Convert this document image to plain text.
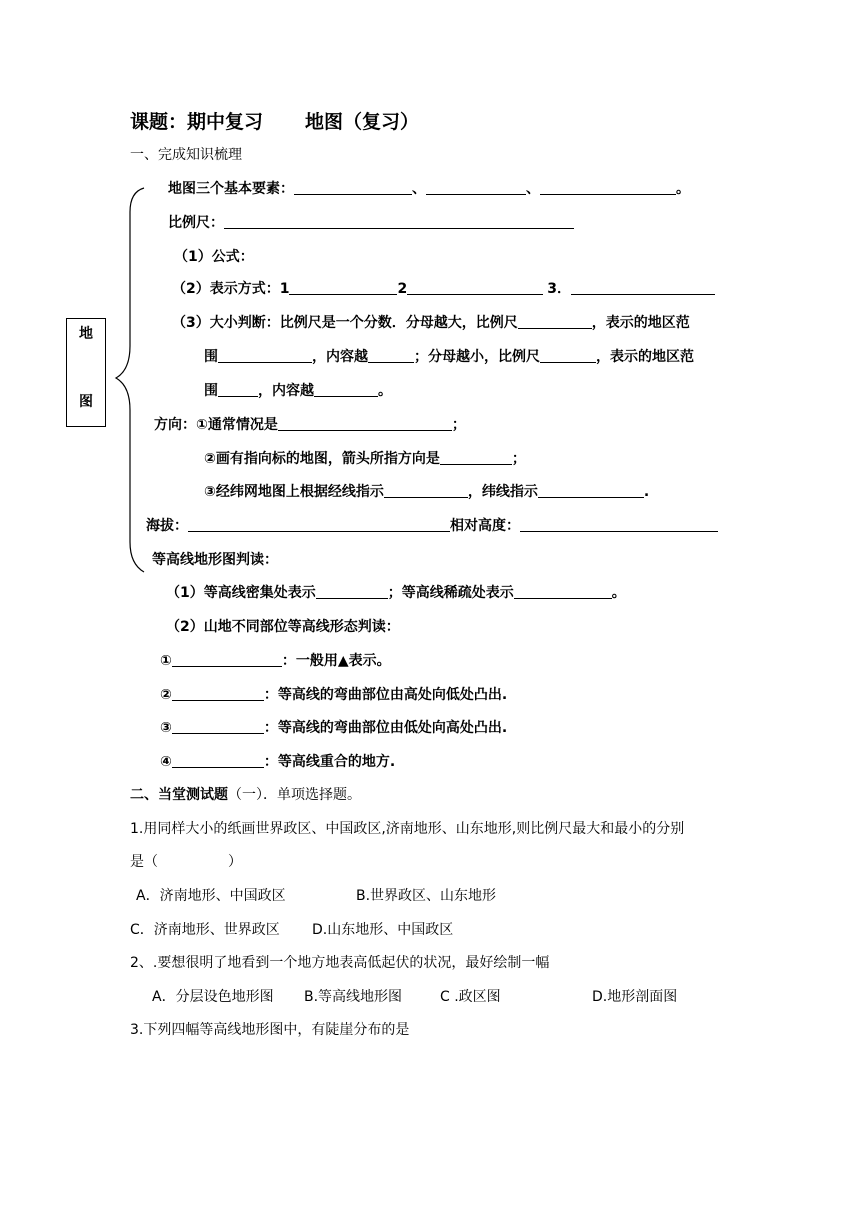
课题：期中复习 地图（复习）
一、完成知识梳理
地
图
地图三个基本要素：	、	、	。
比例尺：
（1）公式：
（2）表示方式：1	2	3．
（3）大小判断：比例尺是一个分数．分母越大，比例尺	，表示的地区范
围	，内容越	；分母越小，比例尺	，表示的地区范
围	，内容越	。
方向：①通常情况是	；
②画有指向标的地图，箭头所指方向是	；
③经纬网地图上根据经线指示	，纬线指示	.
海拔：	相对高度：
等高线地形图判读：
（1）等高线密集处表示	；等高线稀疏处表示	。
（2）山地不同部位等高线形态判读：
①	：一般用▲表示。
②	：等高线的弯曲部位由高处向低处凸出.
③	：等高线的弯曲部位由低处向高处凸出.
④	：等高线重合的地方.
二、当堂测试题（一）．单项选择题。
1.用同样大小的纸画世界政区、中国政区,济南地形、山东地形,则比例尺最大和最小的分别
是（　　　　　）
A．济南地形、中国政区	B.世界政区、山东地形
C．济南地形、世界政区 D.山东地形、中国政区
2、.要想很明了地看到一个地方地表高低起伏的状况，最好绘制一幅
A．分层设色地形图 B.等高线地形图	C .政区图	D.地形剖面图
3.下列四幅等高线地形图中，有陡崖分布的是
